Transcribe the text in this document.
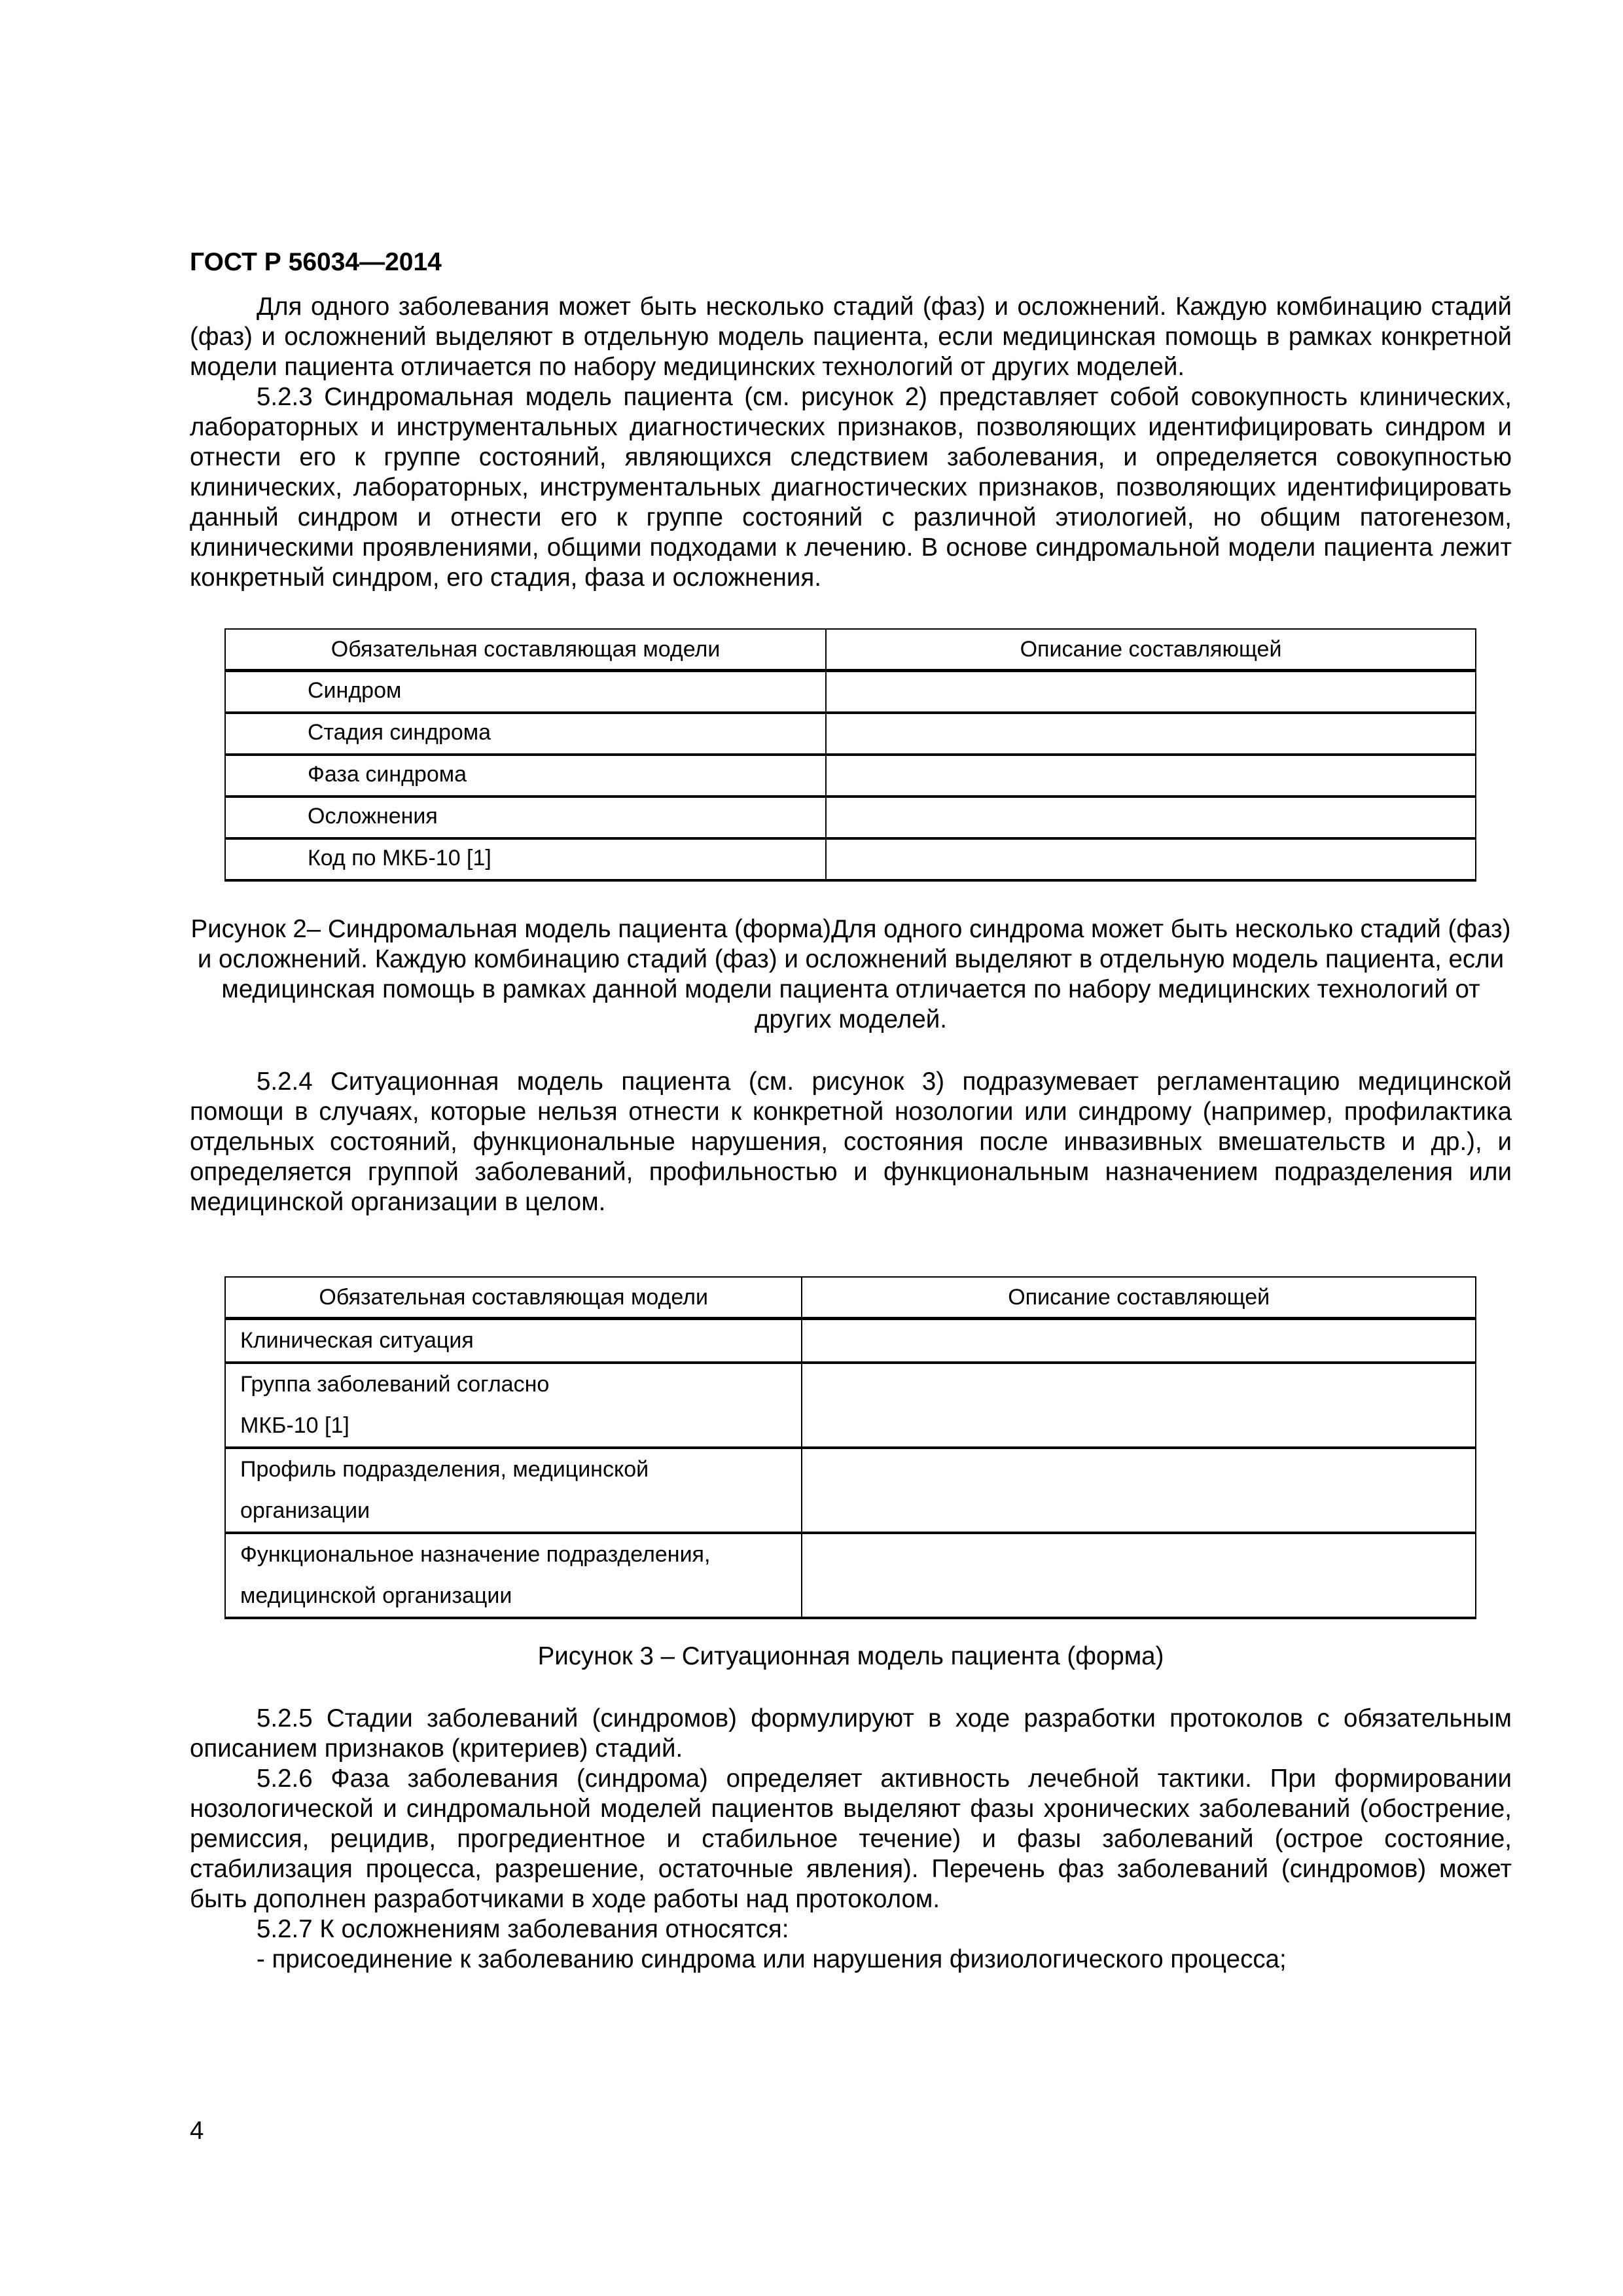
ГОСТ Р 56034—2014

Для одного заболевания может быть несколько стадий (фаз) и осложнений. Каждую комбинацию стадий (фаз) и осложнений выделяют в отдельную модель пациента, если медицинская помощь в рамках конкретной модели пациента отличается по набору медицинских технологий от других моделей.

5.2.3 Синдромальная модель пациента (см. рисунок 2) представляет собой совокупность клинических, лабораторных и инструментальных диагностических признаков, позволяющих идентифицировать синдром и отнести его к группе состояний, являющихся следствием заболевания, и определяется совокупностью клинических, лабораторных, инструментальных диагностических признаков, позволяющих идентифицировать данный синдром и отнести его к группе состояний с различной этиологией, но общим патогенезом, клиническими проявлениями, общими подходами к лечению. В основе синдромальной модели пациента лежит конкретный синдром, его стадия, фаза и осложнения.

Обязательная составляющая модели	Описание составляющей
Синдром	
Стадия синдрома	
Фаза синдрома	
Осложнения	
Код по МКБ-10 [1]	
Рисунок 2– Синдромальная модель пациента (форма)Для одного синдрома может быть несколько стадий (фаз) и осложнений. Каждую комбинацию стадий (фаз) и осложнений выделяют в отдельную модель пациента, если медицинская помощь в рамках данной модели пациента отличается по набору медицинских технологий от других моделей.

5.2.4 Ситуационная модель пациента (см. рисунок 3) подразумевает регламентацию медицинской помощи в случаях, которые нельзя отнести к конкретной нозологии или синдрому (например, профилактика отдельных состояний, функциональные нарушения, состояния после инвазивных вмешательств и др.), и определяется группой заболеваний, профильностью и функциональным назначением подразделения или медицинской организации в целом.

Обязательная составляющая модели	Описание составляющей
Клиническая ситуация	
Группа заболеваний согласно МКБ-10 [1]	
Профиль подразделения, медицинской организации	
Функциональное назначение подразделения, медицинской организации	
Рисунок 3 – Ситуационная модель пациента (форма)

5.2.5 Стадии заболеваний (синдромов) формулируют в ходе разработки протоколов с обязательным описанием признаков (критериев) стадий.

5.2.6 Фаза заболевания (синдрома) определяет активность лечебной тактики. При формировании нозологической и синдромальной моделей пациентов выделяют фазы хронических заболеваний (обострение, ремиссия, рецидив, прогредиентное и стабильное течение) и фазы заболеваний (острое состояние, стабилизация процесса, разрешение, остаточные явления). Перечень фаз заболеваний (синдромов) может быть дополнен разработчиками в ходе работы над протоколом.

5.2.7 К осложнениям заболевания относятся:

- присоединение к заболеванию синдрома или нарушения физиологического процесса;

4
